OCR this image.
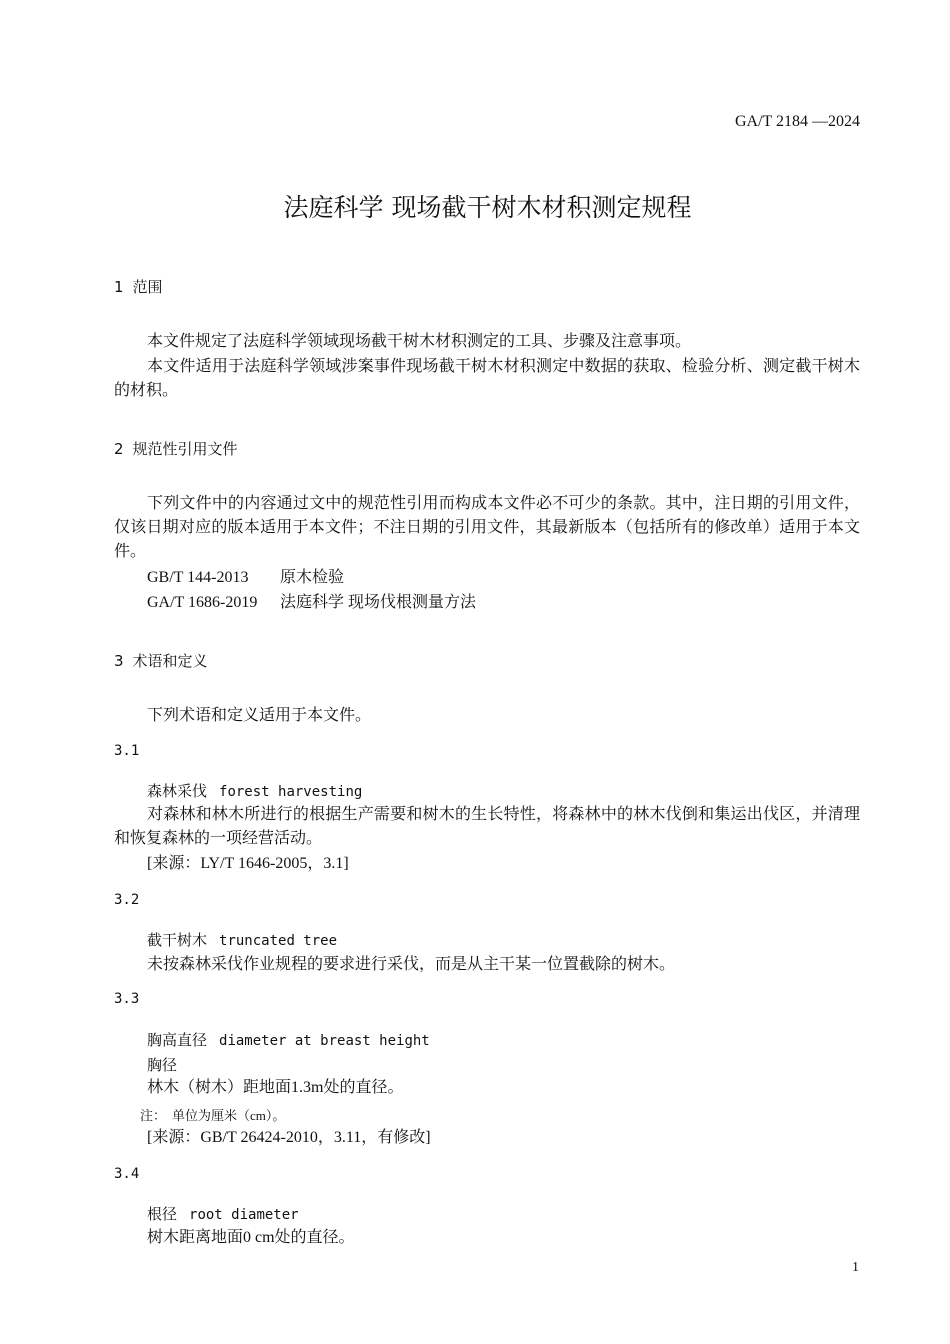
GA/T 2184 —2024
法庭科学 现场截干树木材积测定规程
1 范围
本文件规定了法庭科学领域现场截干树木材积测定的工具、步骤及注意事项。
本文件适用于法庭科学领域涉案事件现场截干树木材积测定中数据的获取、检验分析、测定截干树木的材积。
2 规范性引用文件
下列文件中的内容通过文中的规范性引用而构成本文件必不可少的条款。其中，注日期的引用文件，仅该日期对应的版本适用于本文件；不注日期的引用文件，其最新版本（包括所有的修改单）适用于本文件。
GB/T 144-2013 原木检验
GA/T 1686-2019 法庭科学 现场伐根测量方法
3 术语和定义
下列术语和定义适用于本文件。
3.1
森林采伐 forest harvesting
对森林和林木所进行的根据生产需要和树木的生长特性，将森林中的林木伐倒和集运出伐区，并清理和恢复森林的一项经营活动。
[来源：LY/T 1646-2005，3.1]
3.2
截干树木 truncated tree
未按森林采伐作业规程的要求进行采伐，而是从主干某一位置截除的树木。
3.3
胸高直径 diameter at breast height
胸径
林木（树木）距地面1.3m处的直径。
注： 单位为厘米（cm）。
[来源：GB/T 26424-2010，3.11，有修改]
3.4
根径 root diameter
树木距离地面0 cm处的直径。
1
